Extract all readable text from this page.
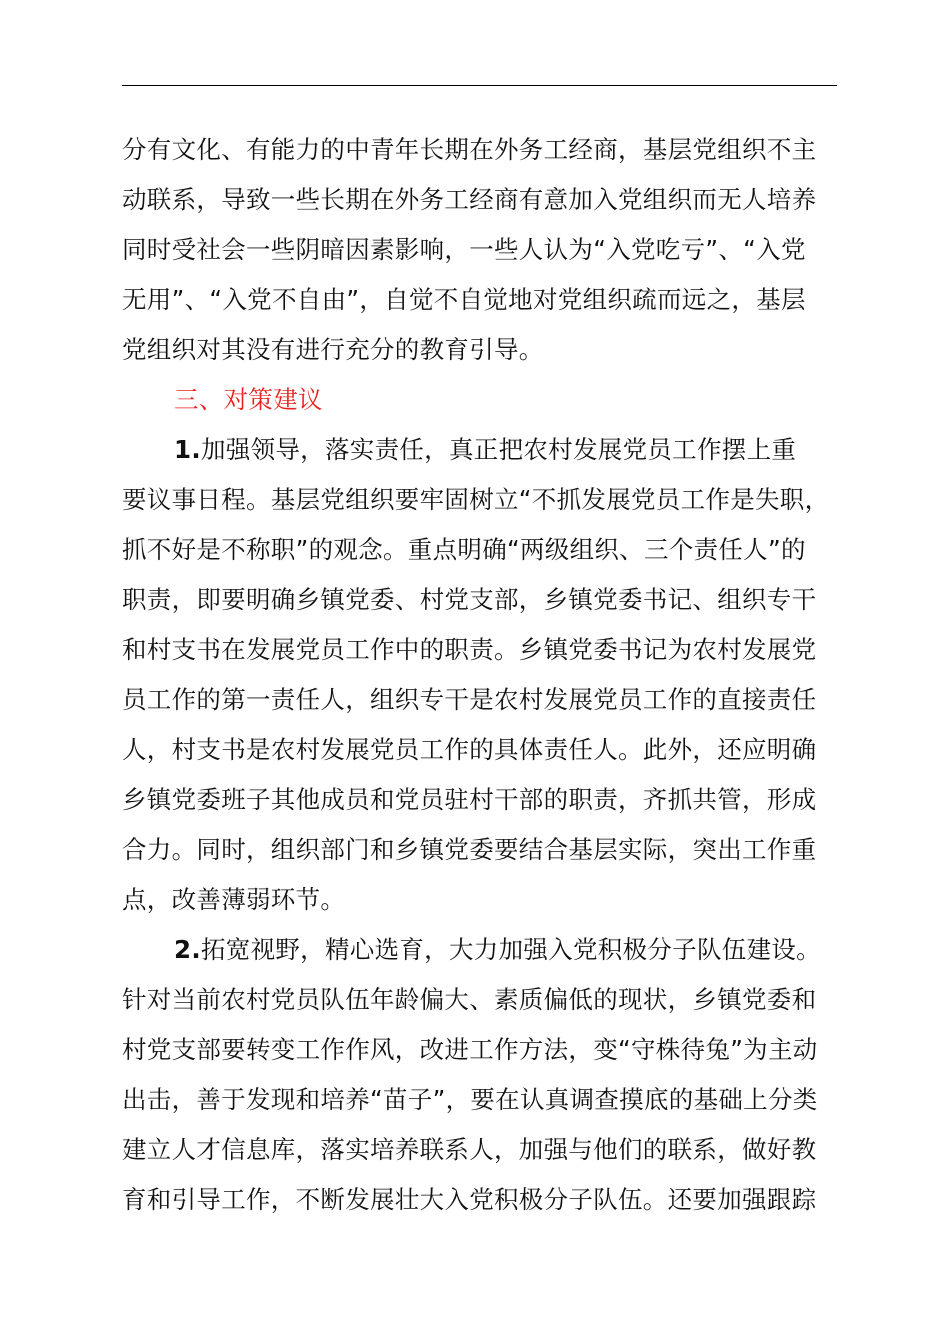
分有文化、有能力的中青年长期在外务工经商，基层党组织不主
动联系，导致一些长期在外务工经商有意加入党组织而无人培养
同时受社会一些阴暗因素影响，一些人认为“入党吃亏”、“入党
无用”、“入党不自由”，自觉不自觉地对党组织疏而远之，基层
党组织对其没有进行充分的教育引导。
三、对策建议
1.加强领导，落实责任，真正把农村发展党员工作摆上重
要议事日程。基层党组织要牢固树立“不抓发展党员工作是失职，
抓不好是不称职”的观念。重点明确“两级组织、三个责任人”的
职责，即要明确乡镇党委、村党支部，乡镇党委书记、组织专干
和村支书在发展党员工作中的职责。乡镇党委书记为农村发展党
员工作的第一责任人，组织专干是农村发展党员工作的直接责任
人，村支书是农村发展党员工作的具体责任人。此外，还应明确
乡镇党委班子其他成员和党员驻村干部的职责，齐抓共管，形成
合力。同时，组织部门和乡镇党委要结合基层实际，突出工作重
点，改善薄弱环节。
2.拓宽视野，精心选育，大力加强入党积极分子队伍建设。
针对当前农村党员队伍年龄偏大、素质偏低的现状，乡镇党委和
村党支部要转变工作作风，改进工作方法，变“守株待兔”为主动
出击，善于发现和培养“苗子”，要在认真调查摸底的基础上分类
建立人才信息库，落实培养联系人，加强与他们的联系，做好教
育和引导工作，不断发展壮大入党积极分子队伍。还要加强跟踪
